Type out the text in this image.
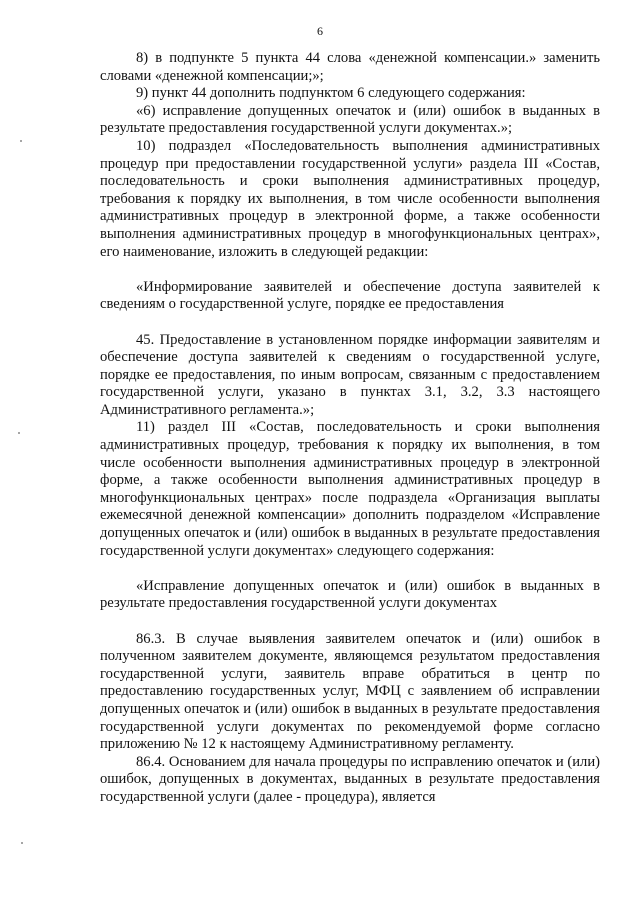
6

8) в подпункте 5 пункта 44 слова «денежной компенсации.» заменить словами «денежной компенсации;»;

9) пункт 44 дополнить подпунктом 6 следующего содержания:

«6) исправление допущенных опечаток и (или) ошибок в выданных в результате предоставления государственной услуги документах.»;

10) подраздел «Последовательность выполнения административных процедур при предоставлении государственной услуги» раздела III «Состав, последовательность и сроки выполнения административных процедур, требования к порядку их выполнения, в том числе особенности выполнения административных процедур в электронной форме, а также особенности выполнения административных процедур в многофункциональных центрах», его наименование, изложить в следующей редакции:

«Информирование заявителей и обеспечение доступа заявителей к сведениям о государственной услуге, порядке ее предоставления

45. Предоставление в установленном порядке информации заявителям и обеспечение доступа заявителей к сведениям о государственной услуге, порядке ее предоставления, по иным вопросам, связанным с предоставлением государственной услуги, указано в пунктах 3.1, 3.2, 3.3 настоящего Административного регламента.»;

11) раздел III «Состав, последовательность и сроки выполнения административных процедур, требования к порядку их выполнения, в том числе особенности выполнения административных процедур в электронной форме, а также особенности выполнения административных процедур в многофункциональных центрах» после подраздела «Организация выплаты ежемесячной денежной компенсации» дополнить подразделом «Исправление допущенных опечаток и (или) ошибок в выданных в результате предоставления государственной услуги документах» следующего содержания:

«Исправление допущенных опечаток и (или) ошибок в выданных в результате предоставления государственной услуги документах

86.3. В случае выявления заявителем опечаток и (или) ошибок в полученном заявителем документе, являющемся результатом предоставления государственной услуги, заявитель вправе обратиться в центр по предоставлению государственных услуг, МФЦ с заявлением об исправлении допущенных опечаток и (или) ошибок в выданных в результате предоставления государственной услуги документах по рекомендуемой форме согласно приложению № 12 к настоящему Административному регламенту.

86.4. Основанием для начала процедуры по исправлению опечаток и (или) ошибок, допущенных в документах, выданных в результате предоставления государственной услуги (далее - процедура), является
